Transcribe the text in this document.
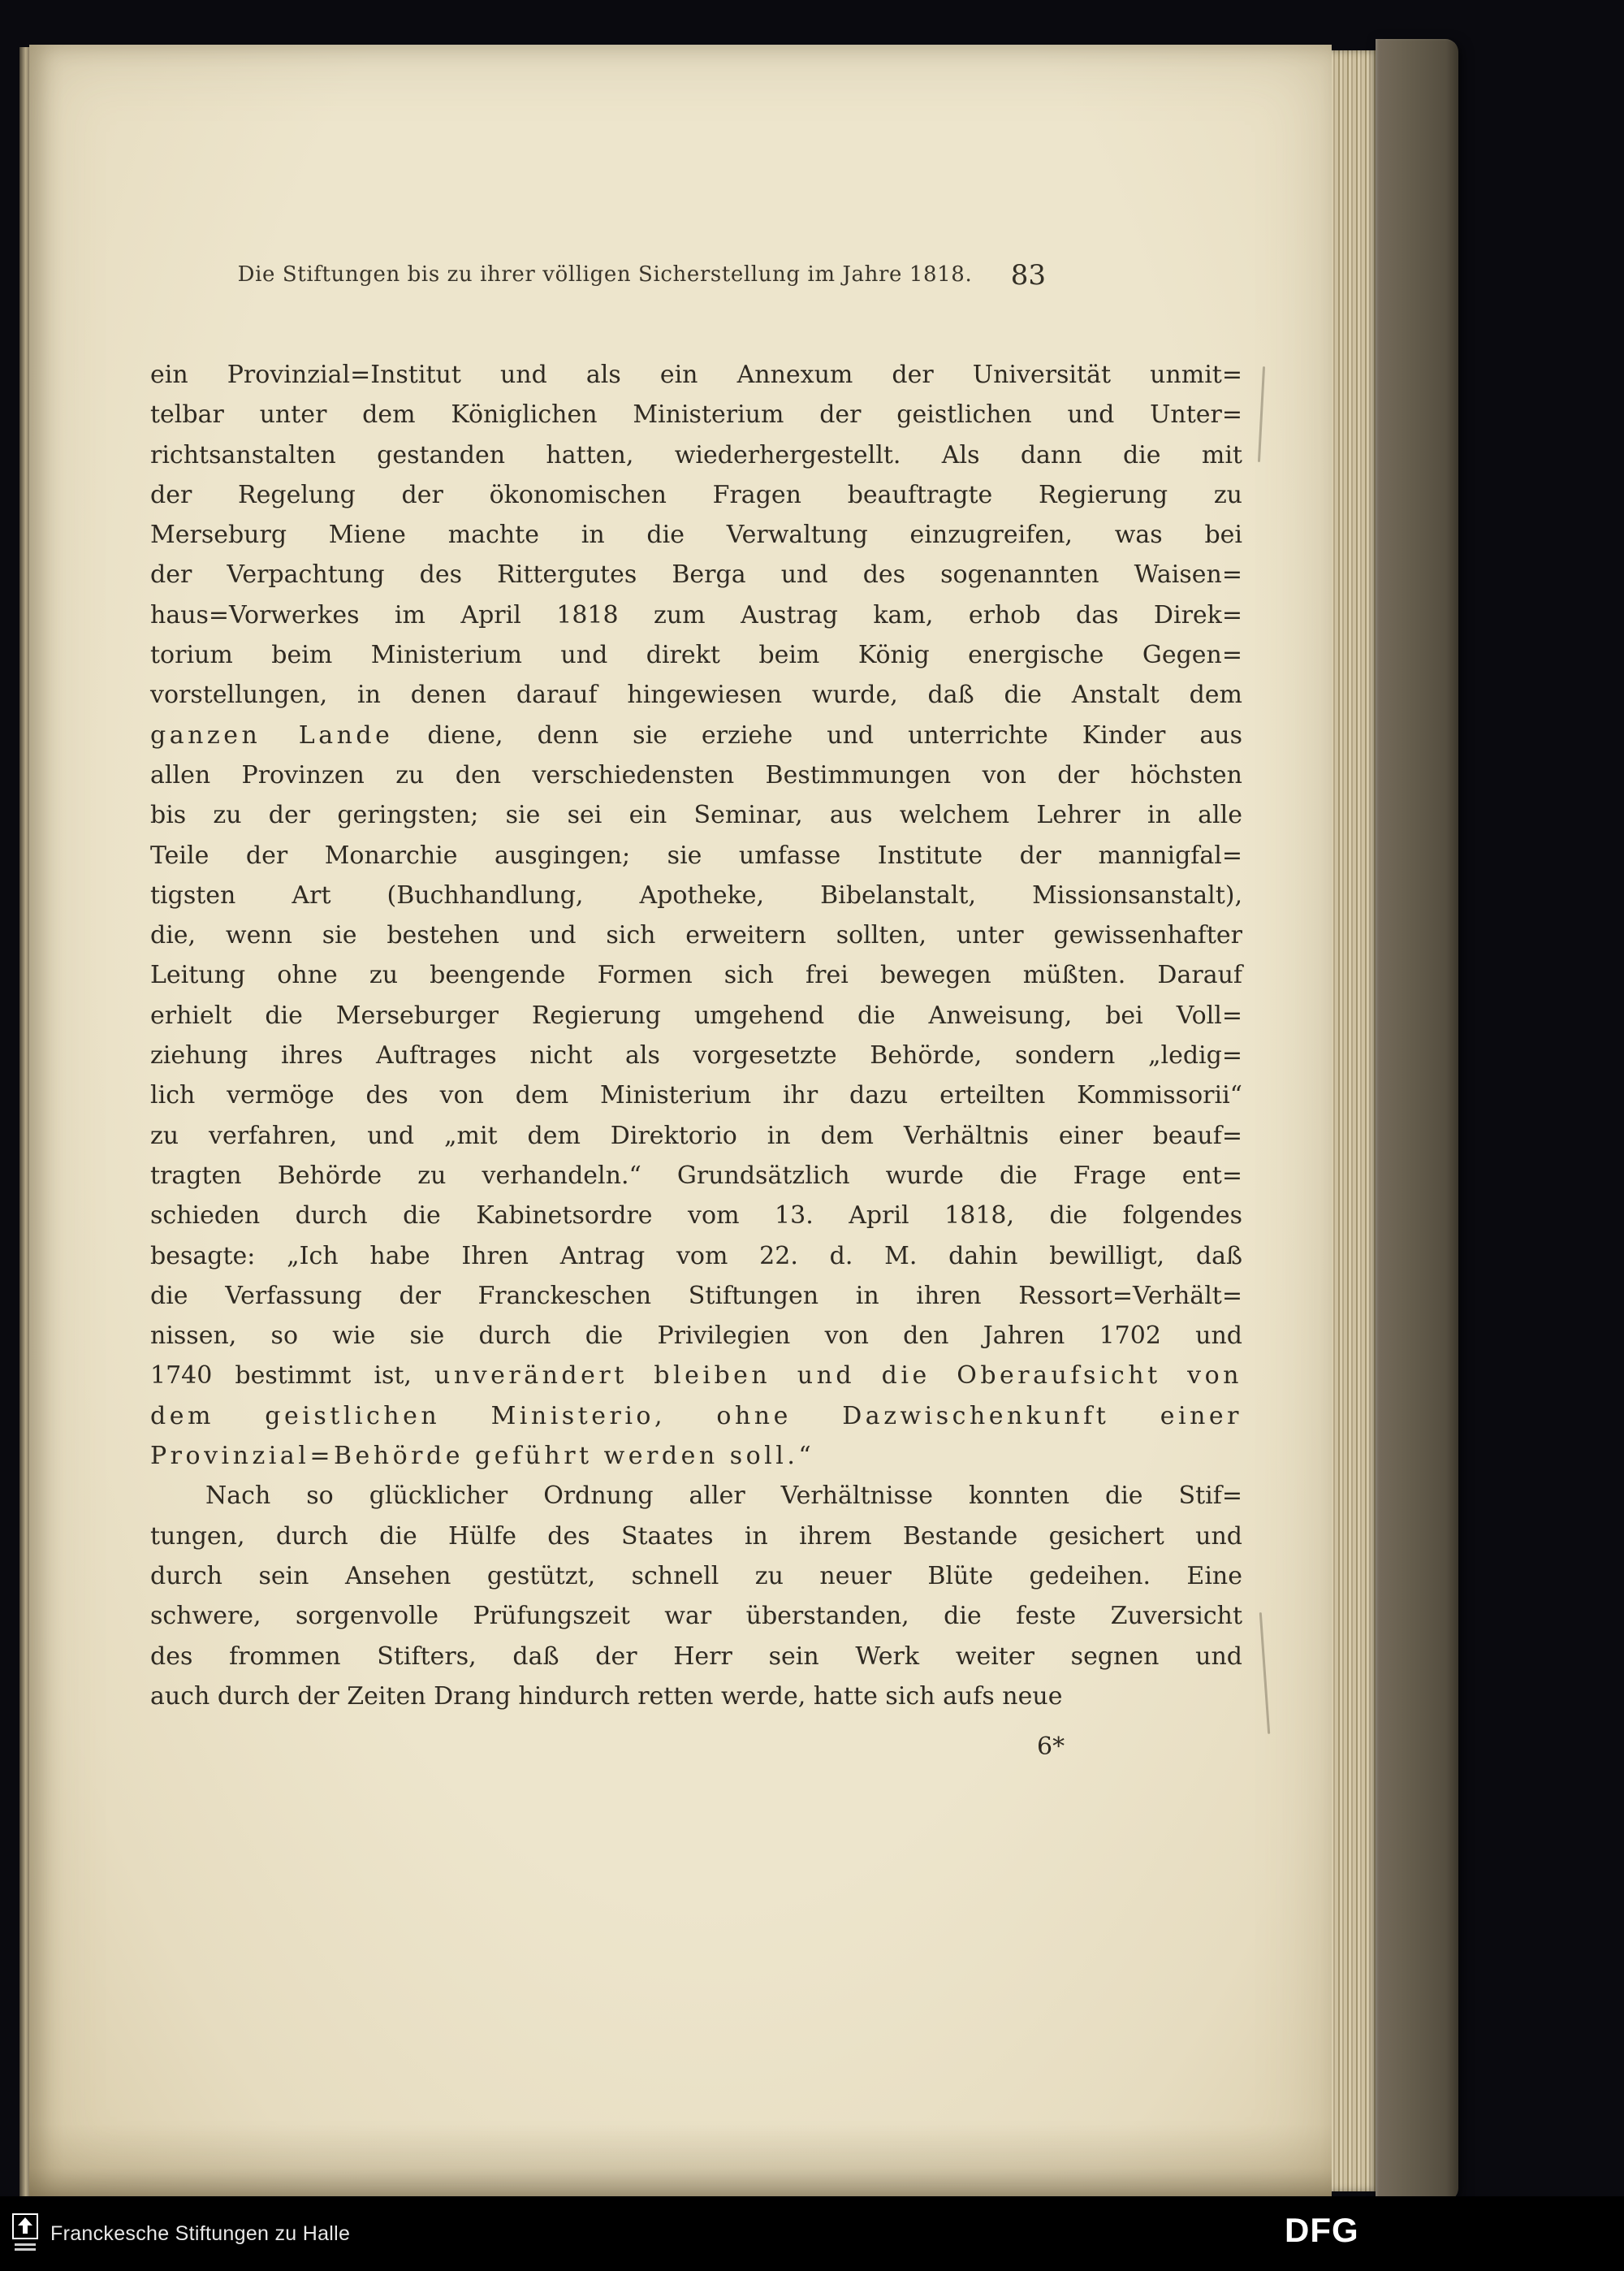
Die Stiftungen bis zu ihrer völligen Sicherstellung im Jahre 1818.	83
ein Provinzial=Institut und als ein Annexum der Universität unmit=
telbar unter dem Königlichen Ministerium der geistlichen und Unter=
richtsanstalten gestanden hatten, wiederhergestellt. Als dann die mit
der Regelung der ökonomischen Fragen beauftragte Regierung zu
Merseburg Miene machte in die Verwaltung einzugreifen, was bei
der Verpachtung des Rittergutes Berga und des sogenannten Waisen=
haus=Vorwerkes im April 1818 zum Austrag kam, erhob das Direk=
torium beim Ministerium und direkt beim König energische Gegen=
vorstellungen, in denen darauf hingewiesen wurde, daß die Anstalt dem
ganzen Lande diene, denn sie erziehe und unterrichte Kinder aus
allen Provinzen zu den verschiedensten Bestimmungen von der höchsten
bis zu der geringsten; sie sei ein Seminar, aus welchem Lehrer in alle
Teile der Monarchie ausgingen; sie umfasse Institute der mannigfal=
tigsten Art (Buchhandlung, Apotheke, Bibelanstalt, Missionsanstalt),
die, wenn sie bestehen und sich erweitern sollten, unter gewissenhafter
Leitung ohne zu beengende Formen sich frei bewegen müßten. Darauf
erhielt die Merseburger Regierung umgehend die Anweisung, bei Voll=
ziehung ihres Auftrages nicht als vorgesetzte Behörde, sondern „ledig=
lich vermöge des von dem Ministerium ihr dazu erteilten Kommissorii“
zu verfahren, und „mit dem Direktorio in dem Verhältnis einer beauf=
tragten Behörde zu verhandeln.“ Grundsätzlich wurde die Frage ent=
schieden durch die Kabinetsordre vom 13. April 1818, die folgendes
besagte: „Ich habe Ihren Antrag vom 22. d. M. dahin bewilligt, daß
die Verfassung der Franckeschen Stiftungen in ihren Ressort=Verhält=
nissen, so wie sie durch die Privilegien von den Jahren 1702 und
1740 bestimmt ist, unverändert bleiben und die Oberaufsicht von
dem geistlichen Ministerio, ohne Dazwischenkunft einer
Provinzial=Behörde geführt werden soll.“
Nach so glücklicher Ordnung aller Verhältnisse konnten die Stif=
tungen, durch die Hülfe des Staates in ihrem Bestande gesichert und
durch sein Ansehen gestützt, schnell zu neuer Blüte gedeihen. Eine
schwere, sorgenvolle Prüfungszeit war überstanden, die feste Zuversicht
des frommen Stifters, daß der Herr sein Werk weiter segnen und
auch durch der Zeiten Drang hindurch retten werde, hatte sich aufs neue
6*
Franckesche Stiftungen zu Halle	DFG
